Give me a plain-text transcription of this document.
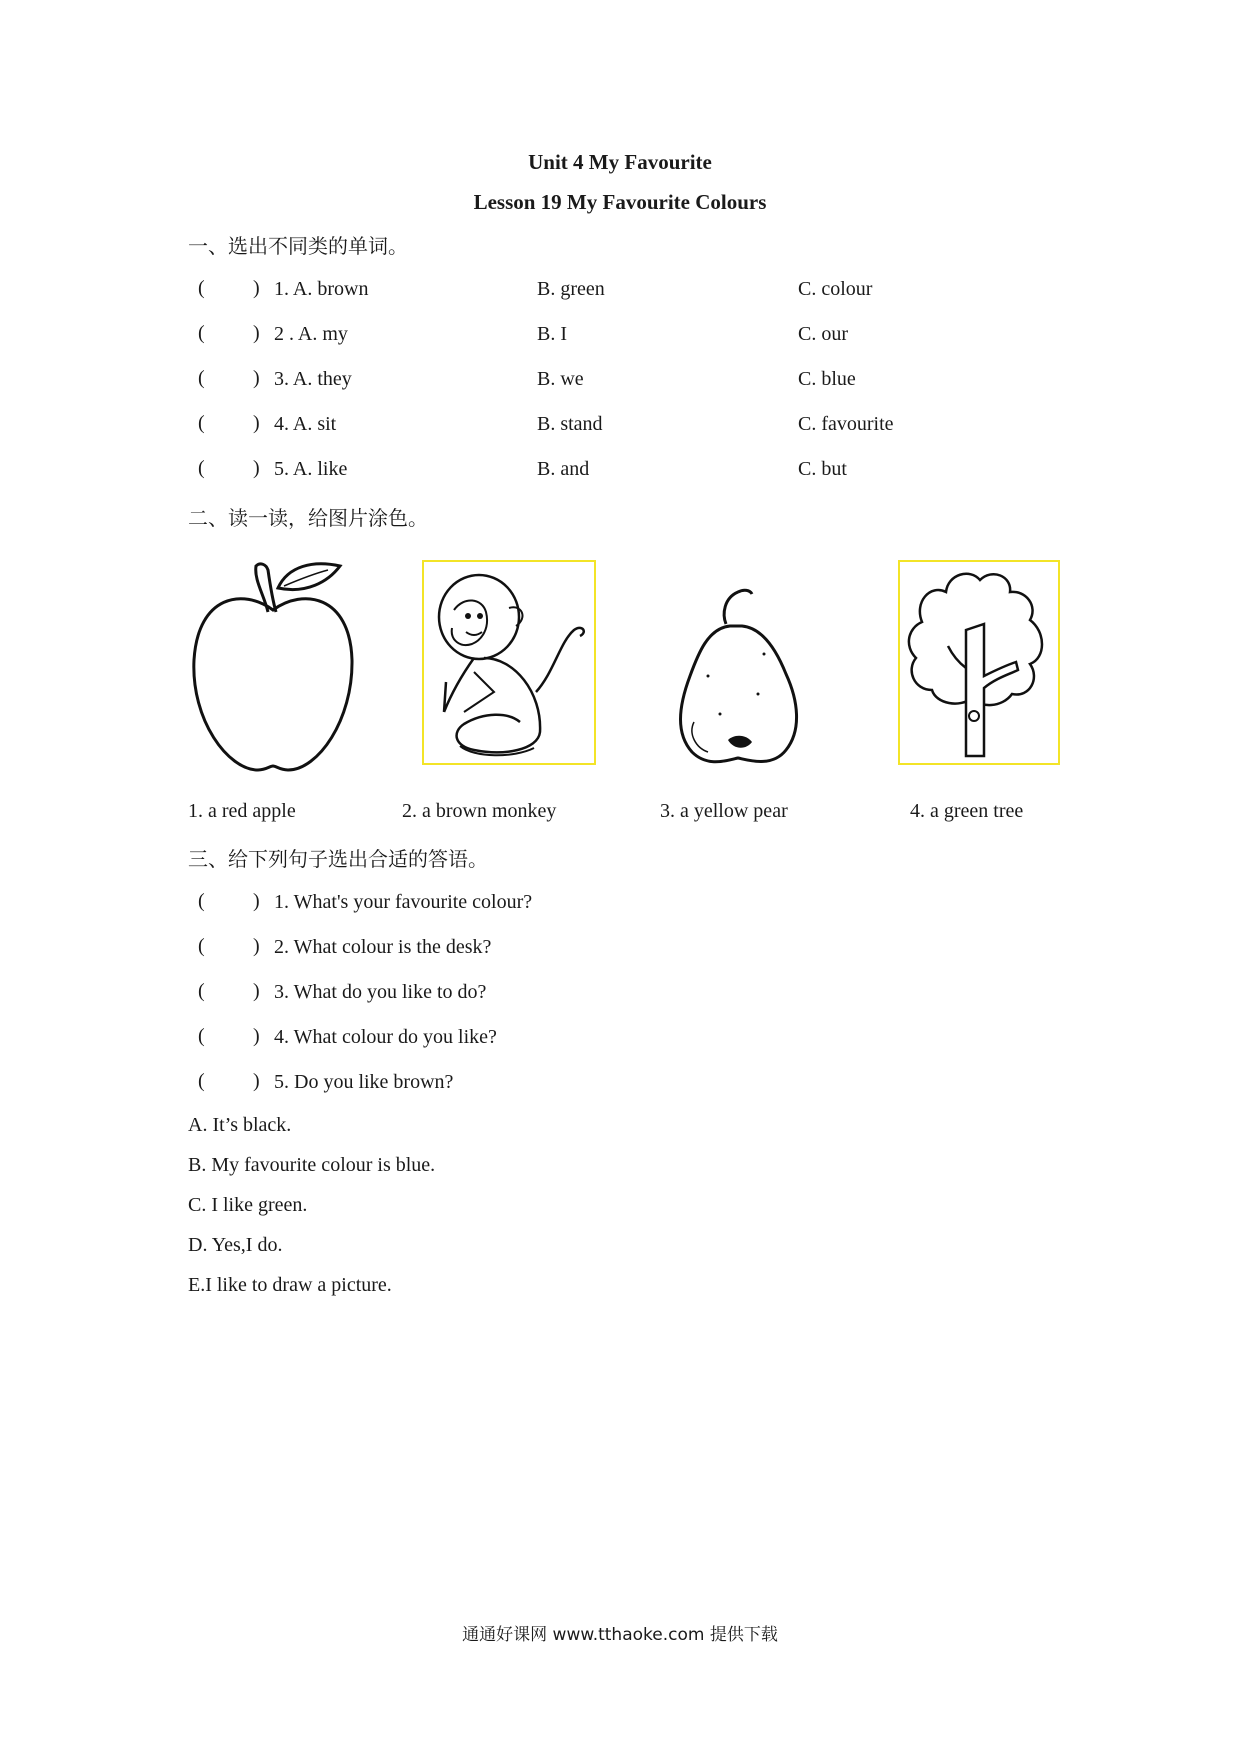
Unit 4 My Favourite
Lesson 19 My Favourite Colours
一、选出不同类的单词。
( ) 1. A. brown	B. green	C. colour
( ) 2 . A. my	B. I	C. our
( ) 3. A. they	B. we	C. blue
( ) 4. A. sit	B. stand	C. favourite
( ) 5. A. like	B. and	C. but
二、读一读，给图片涂色。
1. a red apple	2. a brown monkey	3. a yellow pear	4. a green tree
三、给下列句子选出合适的答语。
( ) 1. What's your favourite colour?
( ) 2. What colour is the desk?
( ) 3. What do you like to do?
( ) 4. What colour do you like?
( ) 5. Do you like brown?
A. It’s black.
B. My favourite colour is blue.
C. I like green.
D. Yes,I do.
E.I like to draw a picture.
通通好课网 www.tthaoke.com 提供下载
